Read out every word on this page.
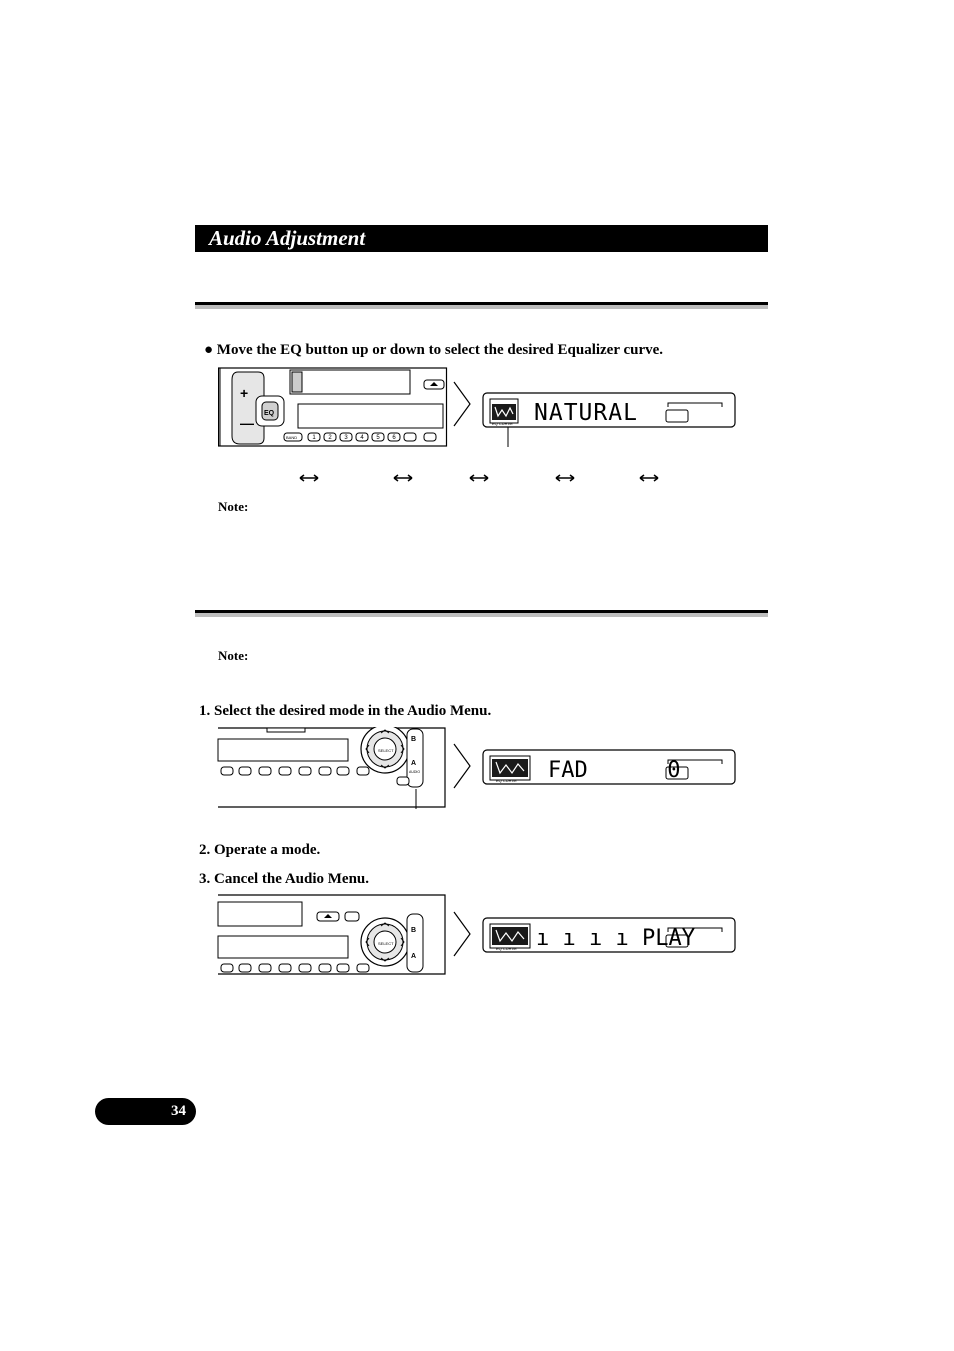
Audio Adjustment
● Move the EQ button up or down to select the desired Equalizer curve.
+
—
EQ
BAND	1 2 3 4 5 6
EQ CURVE NATURAL
Note:
Note:
1. Select the desired mode in the Audio Menu.
SELECT
B
A
AUDIO
EQ CURVE FAD      0
2. Operate a mode.
3. Cancel the Audio Menu.
SELECT
B
A
EQ CURVE ı ı ı ı PLAY
34
